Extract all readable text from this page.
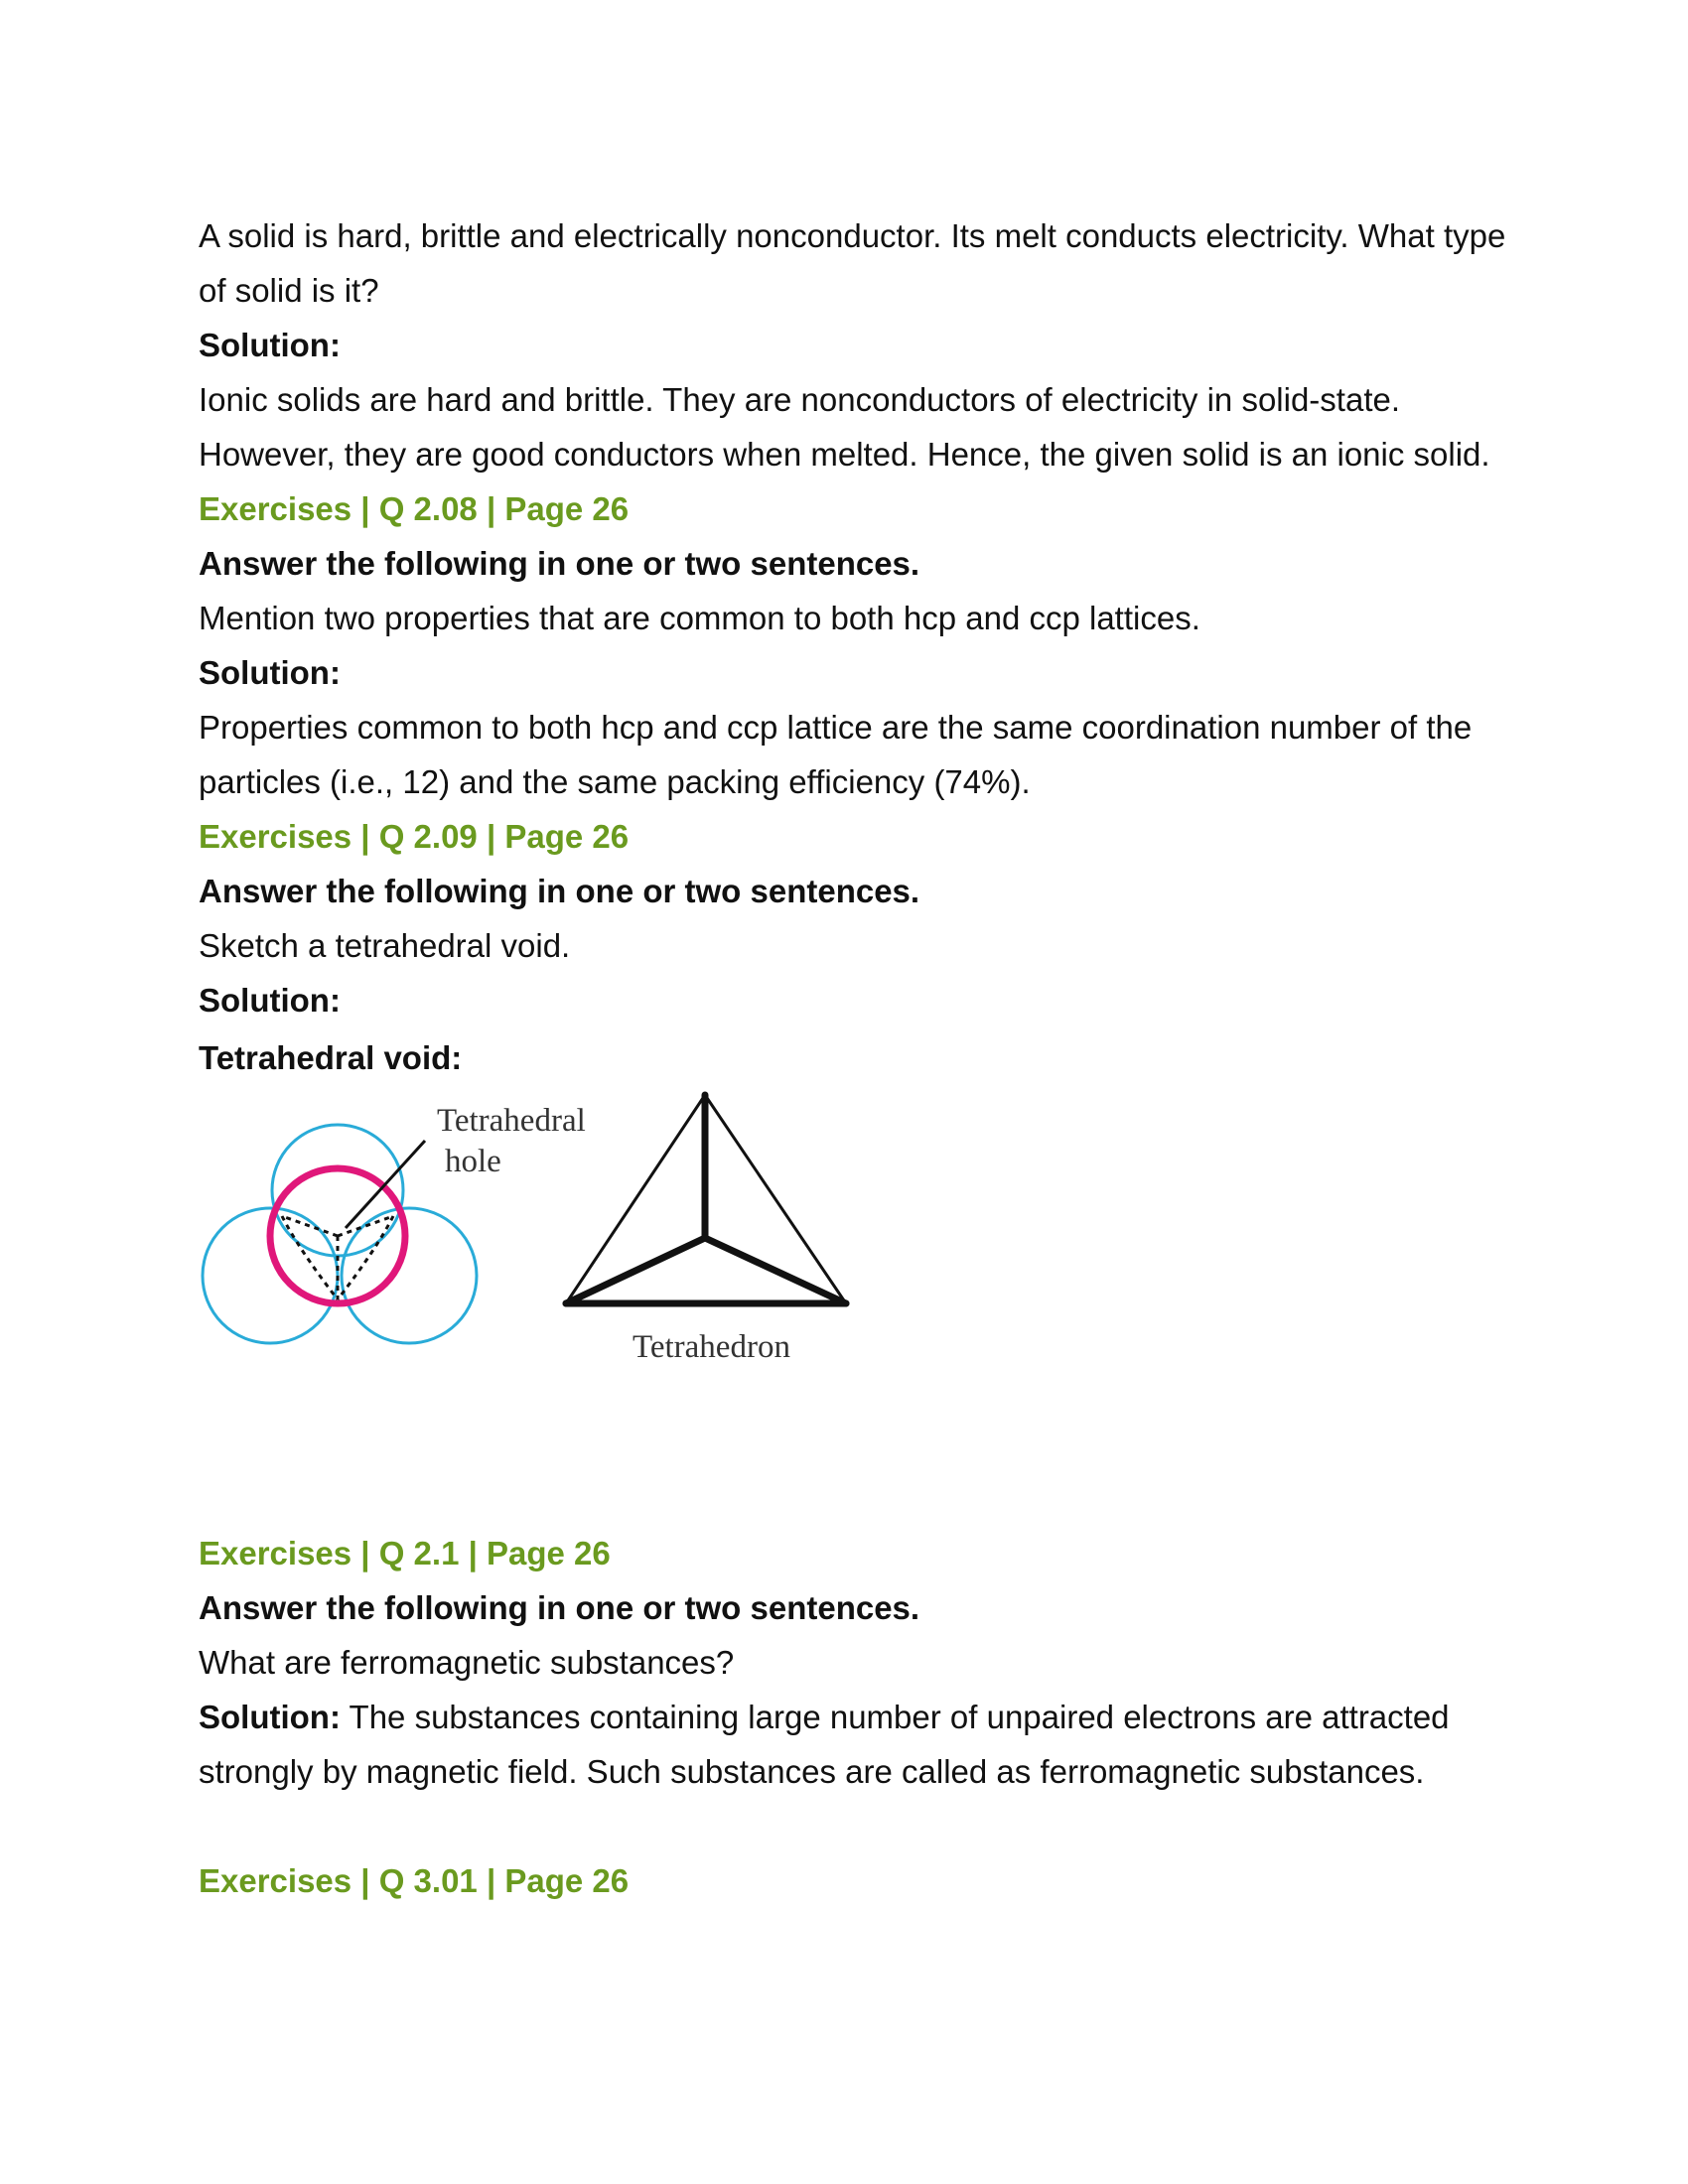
A solid is hard, brittle and electrically nonconductor. Its melt conducts electricity. What type of solid is it?

Solution:

Ionic solids are hard and brittle. They are nonconductors of electricity in solid-state. However, they are good conductors when melted. Hence, the given solid is an ionic solid.

Exercises | Q 2.08 | Page 26

Answer the following in one or two sentences.

Mention two properties that are common to both hcp and ccp lattices.

Solution:

Properties common to both hcp and ccp lattice are the same coordination number of the particles (i.e., 12) and the same packing efficiency (74%).

Exercises | Q 2.09 | Page 26

Answer the following in one or two sentences.

Sketch a tetrahedral void.

Solution:

Tetrahedral void:

Tetrahedral
hole
Tetrahedron

Exercises | Q 2.1 | Page 26

Answer the following in one or two sentences.

What are ferromagnetic substances?

Solution: The substances containing large number of unpaired electrons are attracted strongly by magnetic field. Such substances are called as ferromagnetic substances.

Exercises | Q 3.01 | Page 26
